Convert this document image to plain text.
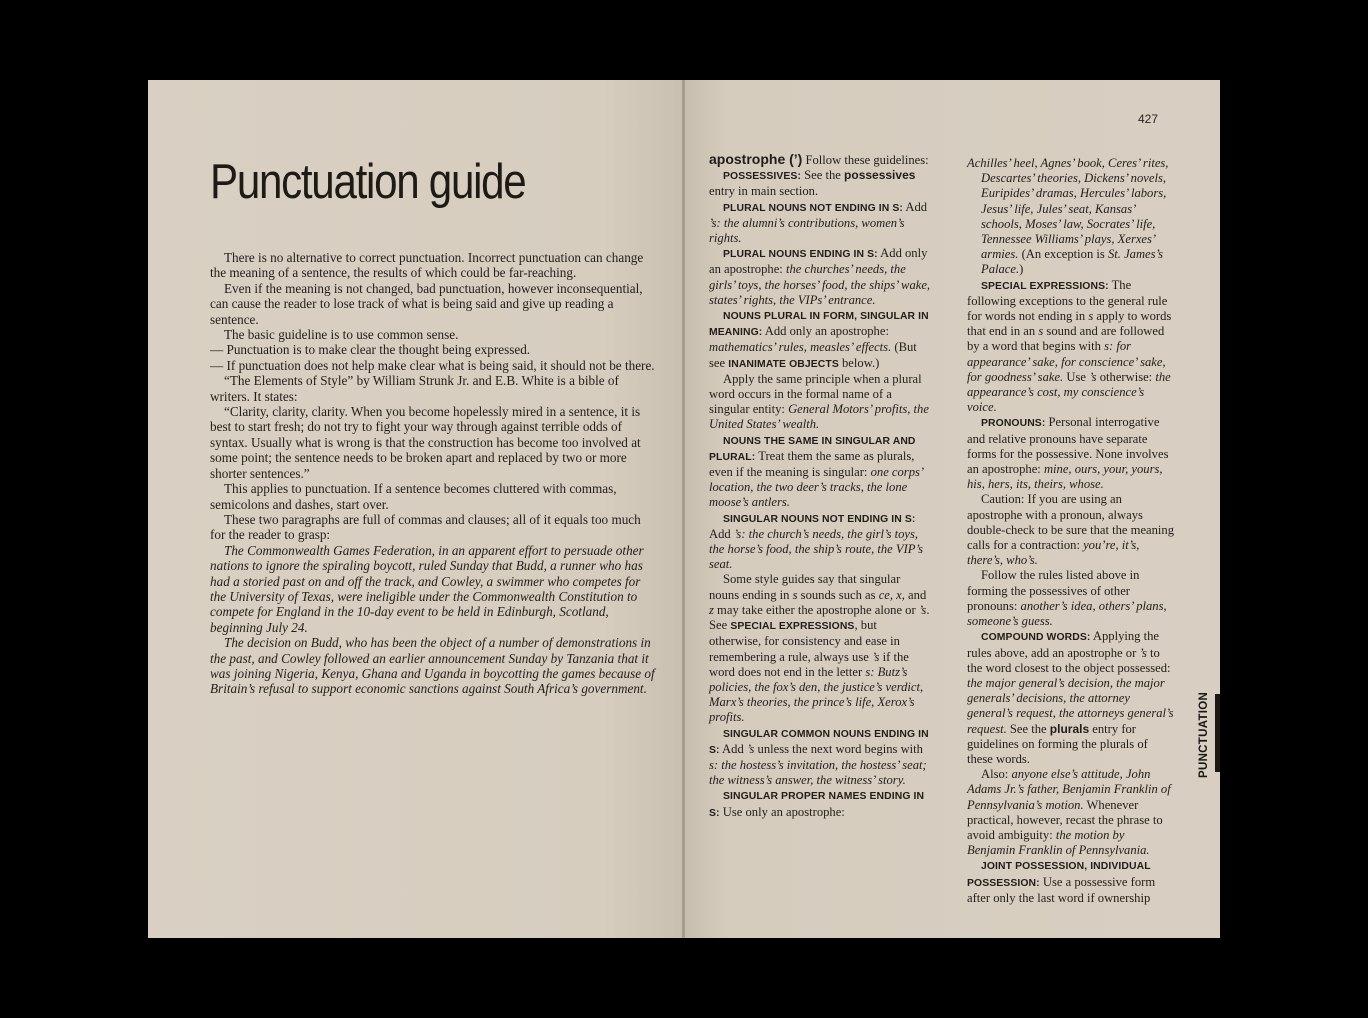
Punctuation guide

There is no alternative to correct punctuation. Incorrect punctuation can change the meaning of a sentence, the results of which could be far-reaching.

Even if the meaning is not changed, bad punctuation, however inconsequential, can cause the reader to lose track of what is being said and give up reading a sentence.

The basic guideline is to use common sense.

— Punctuation is to make clear the thought being expressed.

— If punctuation does not help make clear what is being said, it should not be there.

“The Elements of Style” by William Strunk Jr. and E.B. White is a bible of writers. It states:

“Clarity, clarity, clarity. When you become hopelessly mired in a sentence, it is best to start fresh; do not try to fight your way through against terrible odds of syntax. Usually what is wrong is that the construction has become too involved at some point; the sentence needs to be broken apart and replaced by two or more shorter sentences.”

This applies to punctuation. If a sentence becomes cluttered with commas, semicolons and dashes, start over.

These two paragraphs are full of commas and clauses; all of it equals too much for the reader to grasp:

The Commonwealth Games Federation, in an apparent effort to persuade other nations to ignore the spiraling boycott, ruled Sunday that Budd, a runner who has had a storied past on and off the track, and Cowley, a swimmer who competes for the University of Texas, were ineligible under the Commonwealth Constitution to compete for England in the 10-day event to be held in Edinburgh, Scotland, beginning July 24.

The decision on Budd, who has been the object of a number of demonstrations in the past, and Cowley followed an earlier announcement Sunday by Tanzania that it was joining Nigeria, Kenya, Ghana and Uganda in boycotting the games because of Britain’s refusal to support economic sanctions against South Africa’s government.

427

apostrophe (’) Follow these guidelines:

POSSESSIVES: See the possessives entry in main section.

PLURAL NOUNS NOT ENDING IN S: Add ’s: the alumni’s contributions, women’s rights.

PLURAL NOUNS ENDING IN S: Add only an apostrophe: the churches’ needs, the girls’ toys, the horses’ food, the ships’ wake, states’ rights, the VIPs’ entrance.

NOUNS PLURAL IN FORM, SINGULAR IN MEANING: Add only an apostrophe: mathematics’ rules, measles’ effects. (But see INANIMATE OBJECTS below.)

Apply the same principle when a plural word occurs in the formal name of a singular entity: General Motors’ profits, the United States’ wealth.

NOUNS THE SAME IN SINGULAR AND PLURAL: Treat them the same as plurals, even if the meaning is singular: one corps’ location, the two deer’s tracks, the lone moose’s antlers.

SINGULAR NOUNS NOT ENDING IN S: Add ’s: the church’s needs, the girl’s toys, the horse’s food, the ship’s route, the VIP’s seat.

Some style guides say that singular nouns ending in s sounds such as ce, x, and z may take either the apostrophe alone or ’s. See SPECIAL EXPRESSIONS, but otherwise, for consistency and ease in remembering a rule, always use ’s if the word does not end in the letter s: Butz’s policies, the fox’s den, the justice’s verdict, Marx’s theories, the prince’s life, Xerox’s profits.

SINGULAR COMMON NOUNS ENDING IN S: Add ’s unless the next word begins with s: the hostess’s invitation, the hostess’ seat; the witness’s answer, the witness’ story.

SINGULAR PROPER NAMES ENDING IN S: Use only an apostrophe:

Achilles’ heel, Agnes’ book, Ceres’ rites, Descartes’ theories, Dickens’ novels, Euripides’ dramas, Hercules’ labors, Jesus’ life, Jules’ seat, Kansas’ schools, Moses’ law, Socrates’ life, Tennessee Williams’ plays, Xerxes’ armies. (An exception is St. James’s Palace.)

SPECIAL EXPRESSIONS: The following exceptions to the general rule for words not ending in s apply to words that end in an s sound and are followed by a word that begins with s: for appearance’ sake, for conscience’ sake, for goodness’ sake. Use ’s otherwise: the appearance’s cost, my conscience’s voice.

PRONOUNS: Personal interrogative and relative pronouns have separate forms for the possessive. None involves an apostrophe: mine, ours, your, yours, his, hers, its, theirs, whose.

Caution: If you are using an apostrophe with a pronoun, always double-check to be sure that the meaning calls for a contraction: you’re, it’s, there’s, who’s.

Follow the rules listed above in forming the possessives of other pronouns: another’s idea, others’ plans, someone’s guess.

COMPOUND WORDS: Applying the rules above, add an apostrophe or ’s to the word closest to the object possessed: the major general’s decision, the major generals’ decisions, the attorney general’s request, the attorneys general’s request. See the plurals entry for guidelines on forming the plurals of these words.

Also: anyone else’s attitude, John Adams Jr.’s father, Benjamin Franklin of Pennsylvania’s motion. Whenever practical, however, recast the phrase to avoid ambiguity: the motion by Benjamin Franklin of Pennsylvania.

JOINT POSSESSION, INDIVIDUAL POSSESSION: Use a possessive form after only the last word if ownership

PUNCTUATION
